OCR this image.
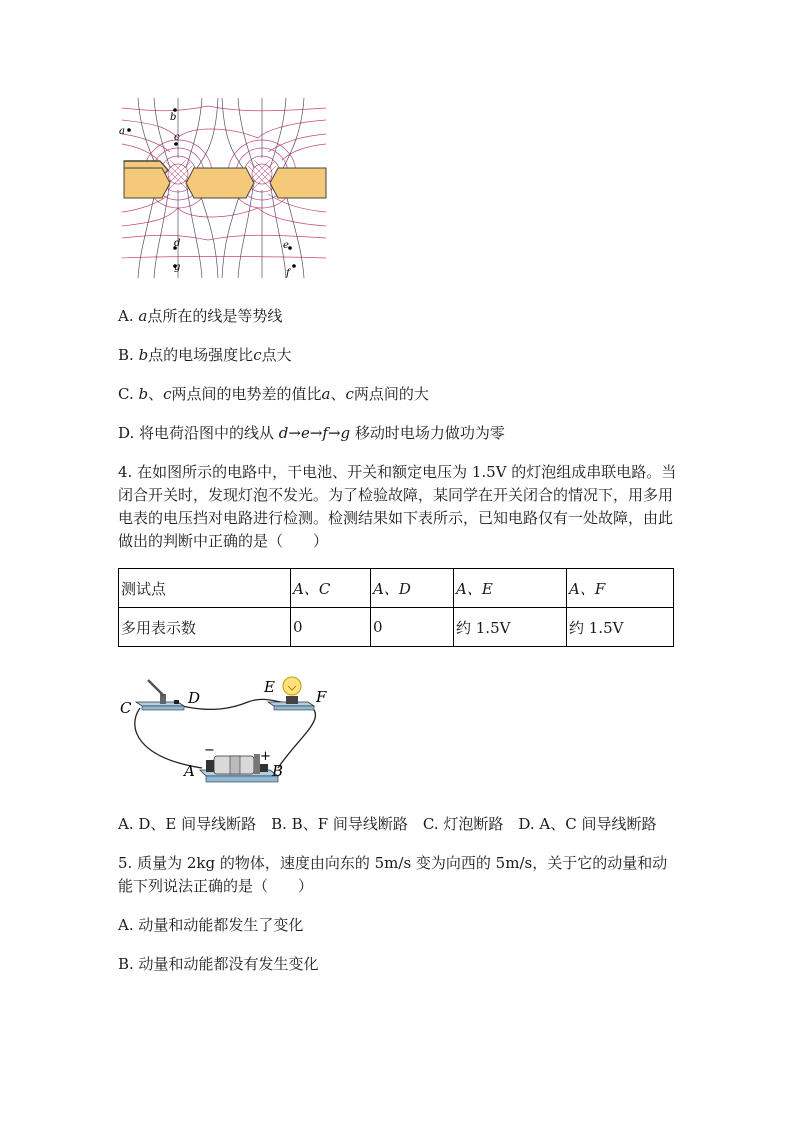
a
b
c
d
g
e
f
A. a点所在的线是等势线
B. b点的电场强度比c点大
C. b、c两点间的电势差的值比a、c两点间的大
D. 将电荷沿图中的线从 d→e→f→g 移动时电场力做功为零
4. 在如图所示的电路中，干电池、开关和额定电压为 1.5V 的灯泡组成串联电路。当闭合开关时，发现灯泡不发光。为了检验故障，某同学在开关闭合的情况下，用多用电表的电压挡对电路进行检测。检测结果如下表所示，已知电路仅有一处故障，由此做出的判断中正确的是（　　）
测试点	A、C	A、D	A、E	A、F
多用表示数	0	0	约 1.5V	约 1.5V
C
D
E
F
A	B
−	+
A. D、E 间导线断路　B. B、F 间导线断路　C. 灯泡断路　D. A、C 间导线断路
5. 质量为 2kg 的物体，速度由向东的 5m/s 变为向西的 5m/s，关于它的动量和动能下列说法正确的是（　　）
A. 动量和动能都发生了变化
B. 动量和动能都没有发生变化
